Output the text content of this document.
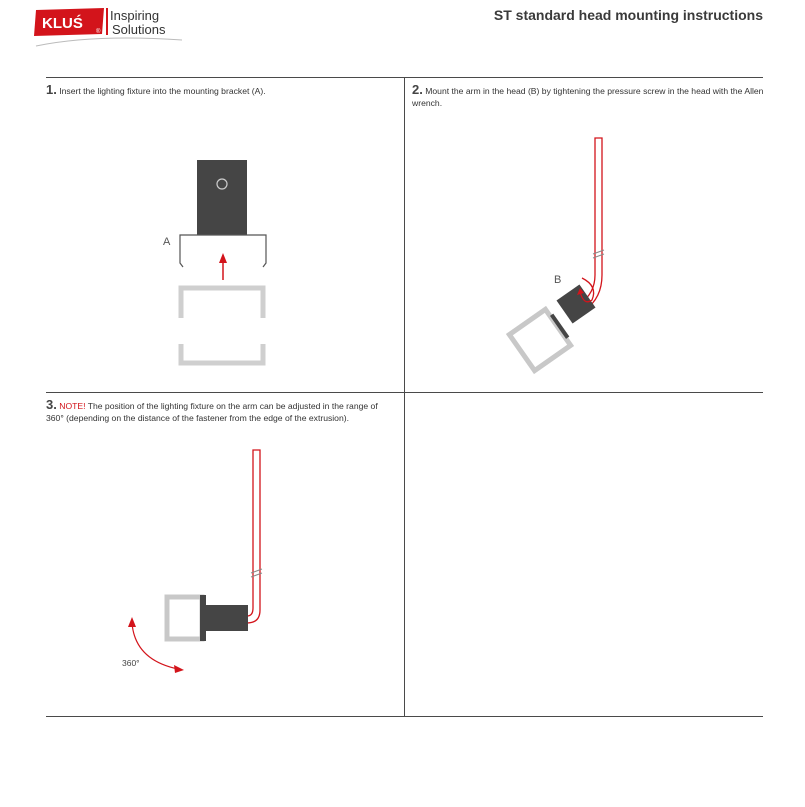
KLUŚ ®
Inspiring
Solutions
ST standard head mounting instructions
1. Insert the lighting fixture into the mounting bracket (A).	2. Mount the arm in the head (B) by tightening the pressure screw in the head with the Allen wrench.
3. NOTE! The position of the lighting fixture on the arm can be adjusted in the range of 360° (depending on the distance of the fastener from the edge of the extrusion).
A
B
360°
